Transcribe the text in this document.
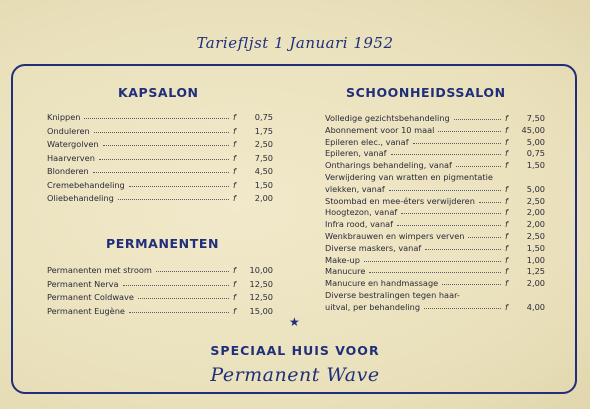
Tariefljst 1 Januari 1952
KAPSALON
Knippen	f	0,75
Onduleren	f	1,75
Watergolven	f	2,50
Haarverven	f	7,50
Blonderen	f	4,50
Cremebehandeling	f	1,50
Oliebehandeling	f	2,00
PERMANENTEN
Permanenten met stroom	f	10,00
Permanent Nerva	f	12,50
Permanent Coldwave	f	12,50
Permanent Eugène	f	15,00
SCHOONHEIDSSALON
Volledige gezichtsbehandeling	f	7,50
Abonnement voor 10 maal	f	45,00
Epileren elec., vanaf	f	5,00
Epileren, vanaf	f	0,75
Ontharings behandeling, vanaf	f	1,50
Verwijdering van wratten en pigmentatie
vlekken, vanaf	f	5,00
Stoombad en mee-éters verwijderen	f	2,50
Hoogtezon, vanaf	f	2,00
Infra rood, vanaf	f	2,00
Wenkbrauwen en wimpers verven	f	2,50
Diverse maskers, vanaf	f	1,50
Make-up	f	1,00
Manucure	f	1,25
Manucure en handmassage	f	2,00
Diverse bestralingen tegen haar-
uitval, per behandeling	f	4,00
★
SPECIAAL HUIS VOOR
Permanent Wave
